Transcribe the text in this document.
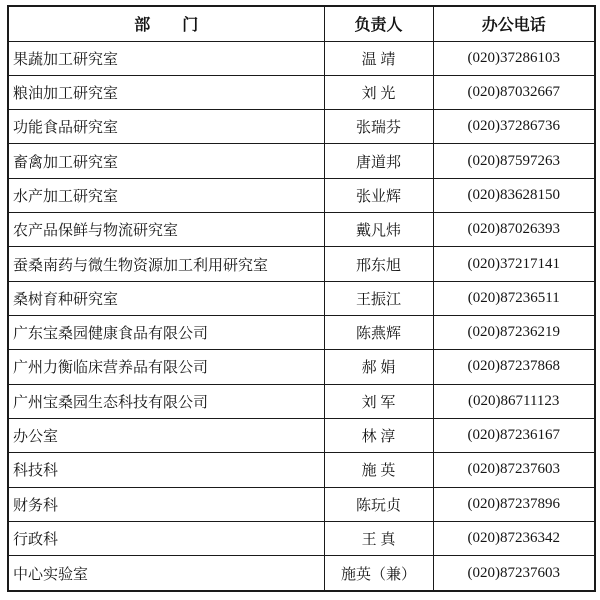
部　　门	负责人	办公电话
果蔬加工研究室	温 靖	(020)37286103
粮油加工研究室	刘 光	(020)87032667
功能食品研究室	张瑞芬	(020)37286736
畜禽加工研究室	唐道邦	(020)87597263
水产加工研究室	张业辉	(020)83628150
农产品保鲜与物流研究室	戴凡炜	(020)87026393
蚕桑南药与微生物资源加工利用研究室	邢东旭	(020)37217141
桑树育种研究室	王振江	(020)87236511
广东宝桑园健康食品有限公司	陈燕辉	(020)87236219
广州力衡临床营养品有限公司	郝 娟	(020)87237868
广州宝桑园生态科技有限公司	刘 军	(020)86711123
办公室	林 淳	(020)87236167
科技科	施 英	(020)87237603
财务科	陈玩贞	(020)87237896
行政科	王 真	(020)87236342
中心实验室	施英（兼）	(020)87237603
